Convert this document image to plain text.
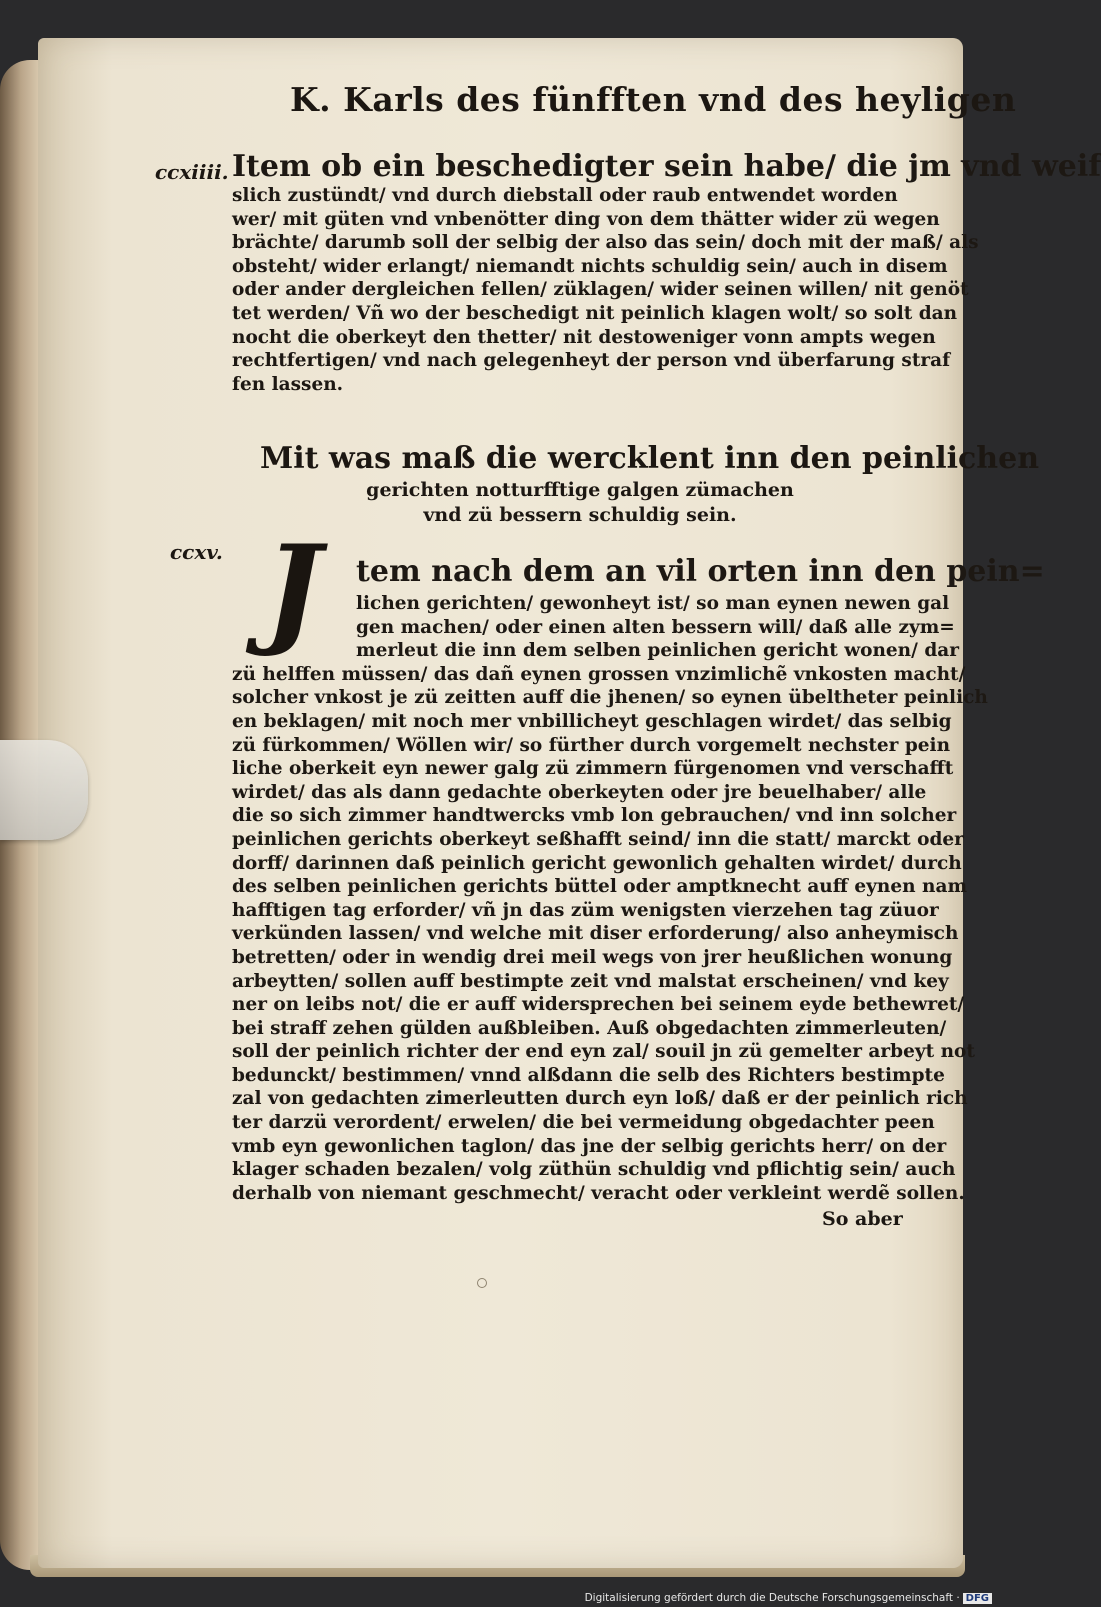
K. Karls des fünfften vnd des heyligen
ccxiiii. Item ob ein beschedigter sein habe/ die jm vnd weif
slich zustündt/ vnd durch diebstall oder raub entwendet worden
wer/ mit güten vnd vnbenötter ding von dem thätter wider zü wegen
brächte/ darumb soll der selbig der also das sein/ doch mit der maß/ als
obsteht/ wider erlangt/ niemandt nichts schuldig sein/ auch in disem
oder ander dergleichen fellen/ züklagen/ wider seinen willen/ nit genöt
tet werden/ Vñ wo der beschedigt nit peinlich klagen wolt/ so solt dan
nocht die oberkeyt den thetter/ nit destoweniger vonn ampts wegen
rechtfertigen/ vnd nach gelegenheyt der person vnd überfarung straf
fen lassen.
Mit was maß die wercklent inn den peinlichen
gerichten notturfftige galgen zümachen
vnd zü bessern schuldig sein.
ccxv. J	tem nach dem an vil orten inn den pein=
lichen gerichten/ gewonheyt ist/ so man eynen newen gal
gen machen/ oder einen alten bessern will/ daß alle zym=
merleut die inn dem selben peinlichen gericht wonen/ dar
zü helffen müssen/ das dañ eynen grossen vnzimlichẽ vnkosten macht/
solcher vnkost je zü zeitten auff die jhenen/ so eynen übeltheter peinlich
en beklagen/ mit noch mer vnbillicheyt geschlagen wirdet/ das selbig
zü fürkommen/ Wöllen wir/ so fürther durch vorgemelt nechster pein
liche oberkeit eyn newer galg zü zimmern fürgenomen vnd verschafft
wirdet/ das als dann gedachte oberkeyten oder jre beuelhaber/ alle
die so sich zimmer handtwercks vmb lon gebrauchen/ vnd inn solcher
peinlichen gerichts oberkeyt seßhafft seind/ inn die statt/ marckt oder
dorff/ darinnen daß peinlich gericht gewonlich gehalten wirdet/ durch
des selben peinlichen gerichts büttel oder amptknecht auff eynen nam
hafftigen tag erforder/ vñ jn das züm wenigsten vierzehen tag züuor
verkünden lassen/ vnd welche mit diser erforderung/ also anheymisch
betretten/ oder in wendig drei meil wegs von jrer heußlichen wonung
arbeytten/ sollen auff bestimpte zeit vnd malstat erscheinen/ vnd key
ner on leibs not/ die er auff widersprechen bei seinem eyde bethewret/
bei straff zehen gülden außbleiben. Auß obgedachten zimmerleuten/
soll der peinlich richter der end eyn zal/ souil jn zü gemelter arbeyt not
bedunckt/ bestimmen/ vnnd alßdann die selb des Richters bestimpte
zal von gedachten zimerleutten durch eyn loß/ daß er der peinlich rich
ter darzü verordent/ erwelen/ die bei vermeidung obgedachter peen
vmb eyn gewonlichen taglon/ das jne der selbig gerichts herr/ on der
klager schaden bezalen/ volg züthün schuldig vnd pflichtig sein/ auch
derhalb von niemant geschmecht/ veracht oder verkleint werdẽ sollen.
So aber
Digitalisierung gefördert durch die Deutsche Forschungsgemeinschaft · DFG
